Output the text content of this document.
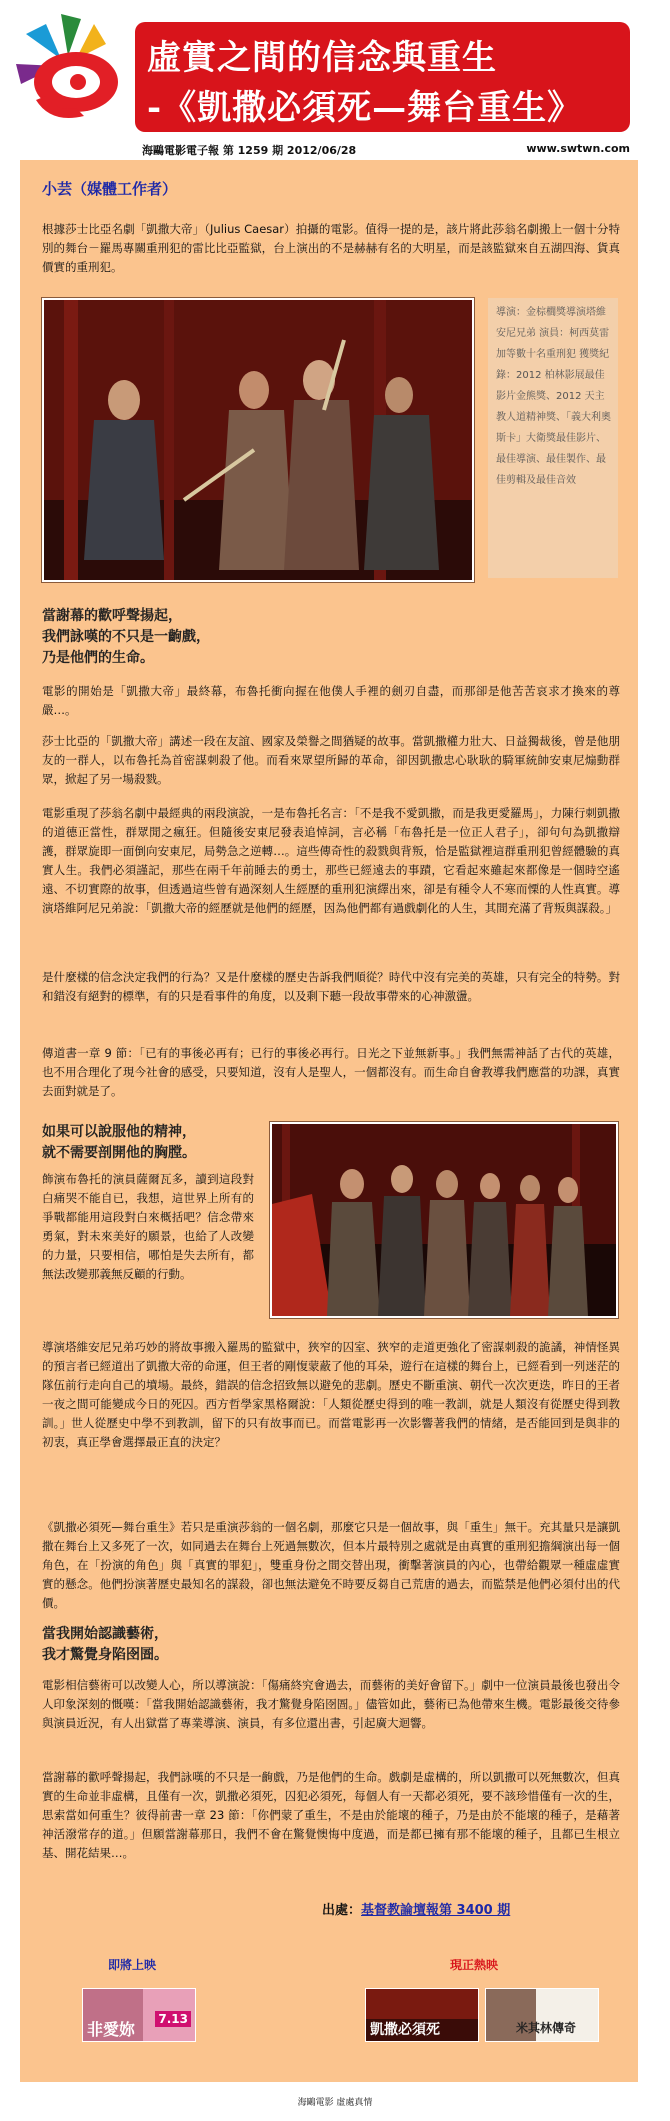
虛實之間的信念與重生
-《凱撒必須死—舞台重生》
海鷗電影電子報 第 1259 期 2012/06/28	www.swtwn.com
小芸（媒體工作者）

根據莎士比亞名劇「凱撒大帝」（Julius Caesar）拍攝的電影。值得一提的是，該片將此莎翁名劇搬上一個十分特別的舞台－羅馬專關重刑犯的雷比比亞監獄，台上演出的不是赫赫有名的大明星，而是該監獄來自五湖四海、貨真價實的重刑犯。

導演：金棕櫚獎導演塔維安尼兄弟 演員：柯西莫雷加等數十名重刑犯 獲獎紀錄：2012 柏林影展最佳影片金熊獎、2012 天主教人道精神獎、「義大利奧斯卡」大衛獎最佳影片、最佳導演、最佳製作、最佳剪輯及最佳音效
當謝幕的歡呼聲揚起，
我們詠嘆的不只是一齣戲，
乃是他們的生命。

電影的開始是「凱撒大帝」最終幕，布魯托衝向握在他僕人手裡的劍刃自盡，而那卻是他苦苦哀求才換來的尊嚴…。

莎士比亞的「凱撒大帝」講述一段在友誼、國家及榮譽之間猶疑的故事。當凱撒權力壯大、日益獨裁後，曾是他朋友的一群人，以布魯托為首密謀刺殺了他。而看來眾望所歸的革命，卻因凱撒忠心耿耿的騎軍統帥安東尼煽動群眾，掀起了另一場殺戮。

電影重現了莎翁名劇中最經典的兩段演說，一是布魯托名言：「不是我不愛凱撒，而是我更愛羅馬」，力陳行刺凱撒的道德正當性，群眾閒之瘋狂。但隨後安東尼發表追悼詞，言必稱「布魯托是一位正人君子」，卻句句為凱撒辯護，群眾旋即一面倒向安東尼，局勢急之逆轉…。這些傳奇性的殺戮與背叛，恰是監獄裡這群重刑犯曾經體驗的真實人生。我們必須謹記，那些在兩千年前睡去的勇士，那些已經遠去的事蹟，它看起來雖起來都像是一個時空遙遠、不切實際的故事，但透過這些曾有過深刻人生經歷的重刑犯演繹出來，卻是有種令人不寒而慄的人性真實。導演塔維阿尼兄弟說：「凱撒大帝的經歷就是他們的經歷，因為他們都有過戲劇化的人生，其間充滿了背叛與謀殺。」

是什麼樣的信念決定我們的行為？又是什麼樣的歷史告訴我們順從？時代中沒有完美的英雄，只有完全的特勢。對和錯沒有絕對的標準，有的只是看事件的角度，以及剩下聽一段故事帶來的心神激盪。

傳道書一章 9 節：「已有的事後必再有；已行的事後必再行。日光之下並無新事。」我們無需神話了古代的英雄，也不用合理化了現今社會的感受，只要知道，沒有人是聖人，一個都沒有。而生命自會教導我們應當的功課，真實去面對就是了。

如果可以說服他的精神，
就不需要剖開他的胸膛。

飾演布魯托的演員薩爾瓦多，讀到這段對白痛哭不能自已，我想，這世界上所有的爭戰都能用這段對白來概括吧？信念帶來勇氣，對未來美好的願景，也給了人改變的力量，只要相信，哪怕是失去所有，都無法改變那義無反顧的行動。

導演塔維安尼兄弟巧妙的將故事搬入羅馬的監獄中，狹窄的囚室、狹窄的走道更強化了密謀刺殺的詭譎，神情怪異的預言者已經道出了凱撒大帝的命運，但王者的剛愎蒙蔽了他的耳朵，遊行在這樣的舞台上，已經看到一列迷茫的隊伍前行走向自己的墳場。最終，錯誤的信念招致無以避免的悲劇。歷史不斷重演、朝代一次次更迭，昨日的王者一夜之間可能變成今日的死囚。西方哲學家黑格爾說：「人類從歷史得到的唯一教訓，就是人類沒有從歷史得到教訓。」世人從歷史中學不到教訓，留下的只有故事而已。而當電影再一次影響著我們的情緒，是否能回到是與非的初衷，真正學會選擇最正直的決定？

《凱撒必須死—舞台重生》若只是重演莎翁的一個名劇，那麼它只是一個故事，與「重生」無干。充其量只是讓凱撒在舞台上又多死了一次，如同過去在舞台上死過無數次，但本片最特別之處就是由真實的重刑犯擔綱演出每一個角色，在「扮演的角色」與「真實的罪犯」，雙重身份之間交替出現，衝擊著演員的內心，也帶給觀眾一種虛虛實實的懸念。他們扮演著歷史最知名的謀殺，卻也無法避免不時要反芻自己荒唐的過去，而監禁是他們必須付出的代價。

當我開始認識藝術，
我才驚覺身陷囹圄。

電影相信藝術可以改變人心，所以導演說：「傷痛終究會過去，而藝術的美好會留下。」劇中一位演員最後也發出令人印象深刻的慨嘆：「當我開始認識藝術，我才驚覺身陷囹圄。」儘管如此，藝術已為他帶來生機。電影最後交待參與演員近況，有人出獄當了專業導演、演員，有多位還出書，引起廣大迴響。

當謝幕的歡呼聲揚起，我們詠嘆的不只是一齣戲，乃是他們的生命。戲劇是虛構的，所以凱撒可以死無數次，但真實的生命並非虛構，且僅有一次，凱撒必須死，囚犯必須死，每個人有一天都必須死，要不該珍惜僅有一次的生，思索當如何重生？彼得前書一章 23 節：「你們蒙了重生，不是由於能壞的種子，乃是由於不能壞的種子，是藉著神活潑常存的道。」但願當謝幕那日，我們不會在驚覺懊悔中度過，而是都已擁有那不能壞的種子，且都已生根立基、開花結果…。

出處：基督教論壇報第 3400 期
即將上映	現正熱映
非愛妳
7.13
凱撒必須死	米其林傳奇
海鷗電影 虛處真情
